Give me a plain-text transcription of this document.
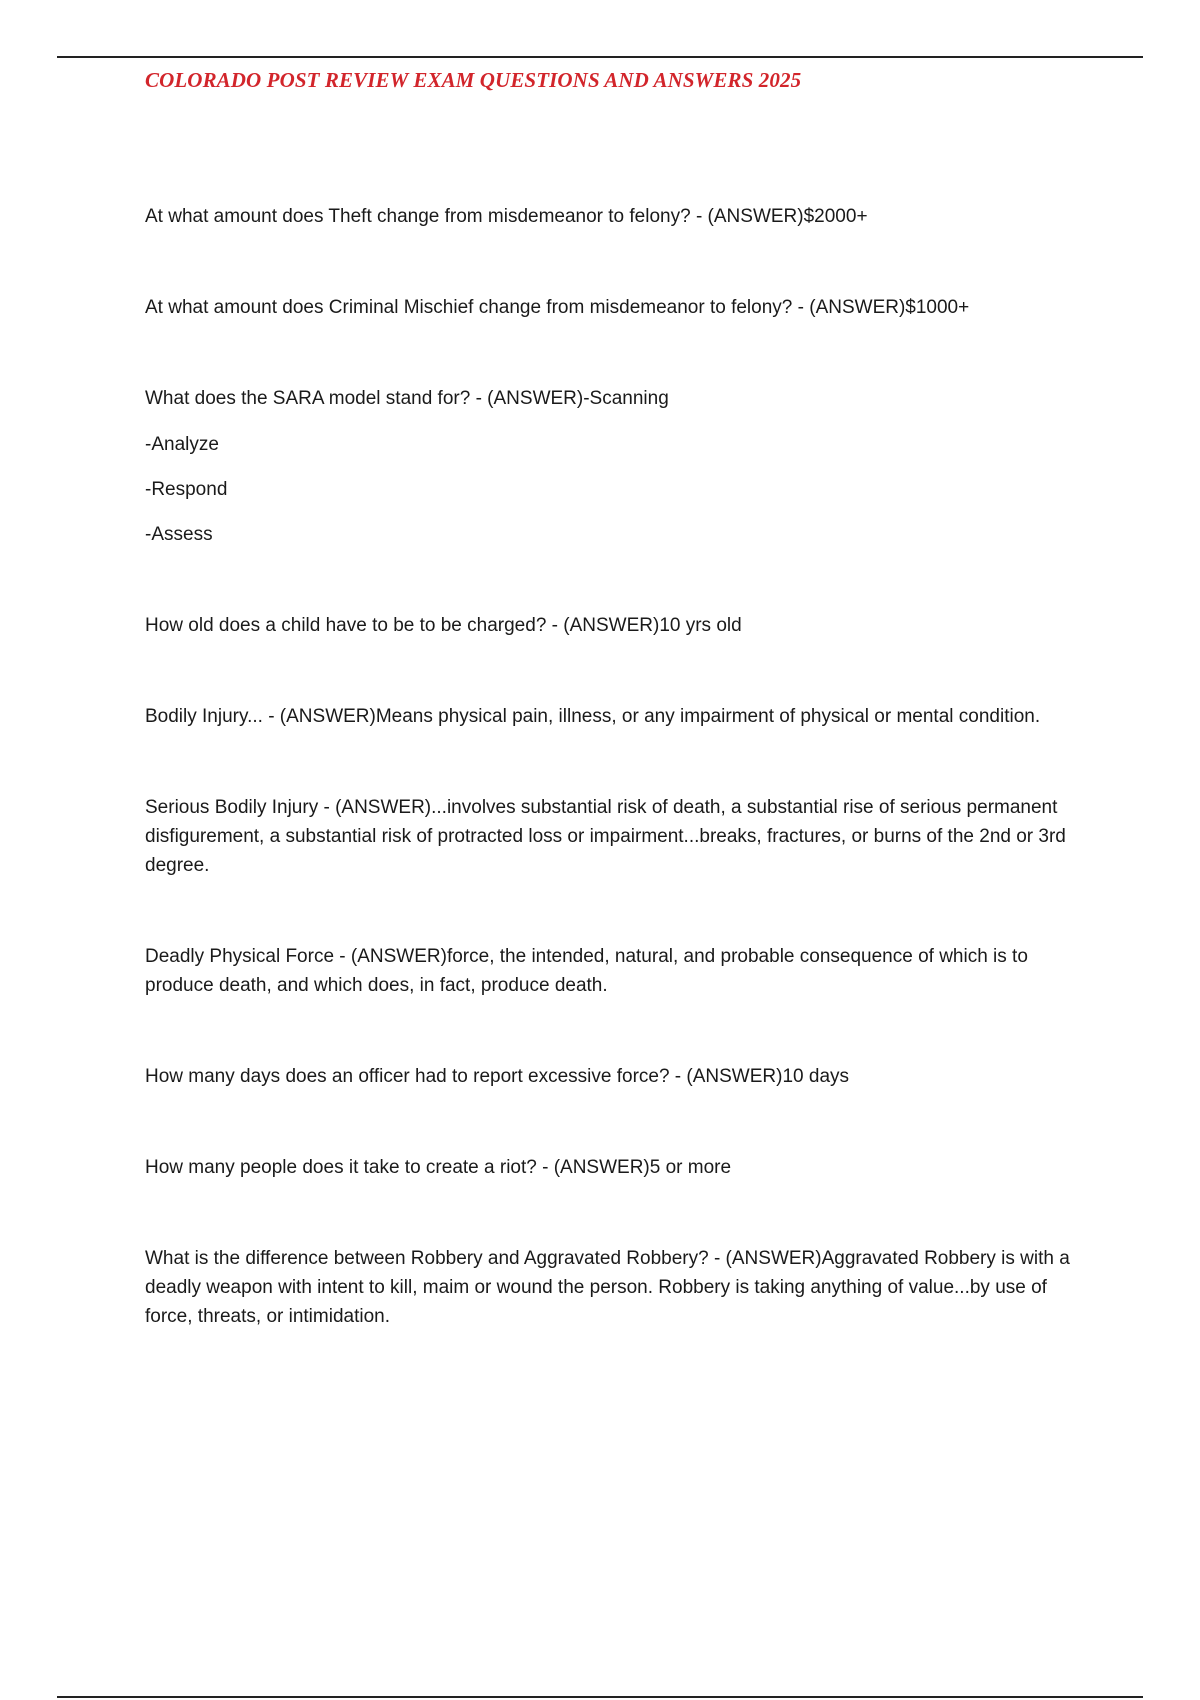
COLORADO POST REVIEW EXAM QUESTIONS AND ANSWERS 2025

At what amount does Theft change from misdemeanor to felony? - (ANSWER)$2000+

At what amount does Criminal Mischief change from misdemeanor to felony? - (ANSWER)$1000+

What does the SARA model stand for? - (ANSWER)-Scanning

-Analyze

-Respond

-Assess

How old does a child have to be to be charged? - (ANSWER)10 yrs old

Bodily Injury... - (ANSWER)Means physical pain, illness, or any impairment of physical or mental condition.

Serious Bodily Injury - (ANSWER)...involves substantial risk of death, a substantial rise of serious permanent disfigurement, a substantial risk of protracted loss or impairment...breaks, fractures, or burns of the 2nd or 3rd degree.

Deadly Physical Force - (ANSWER)force, the intended, natural, and probable consequence of which is to produce death, and which does, in fact, produce death.

How many days does an officer had to report excessive force? - (ANSWER)10 days

How many people does it take to create a riot? - (ANSWER)5 or more

What is the difference between Robbery and Aggravated Robbery? - (ANSWER)Aggravated Robbery is with a deadly weapon with intent to kill, maim or wound the person. Robbery is taking anything of value...by use of force, threats, or intimidation.
